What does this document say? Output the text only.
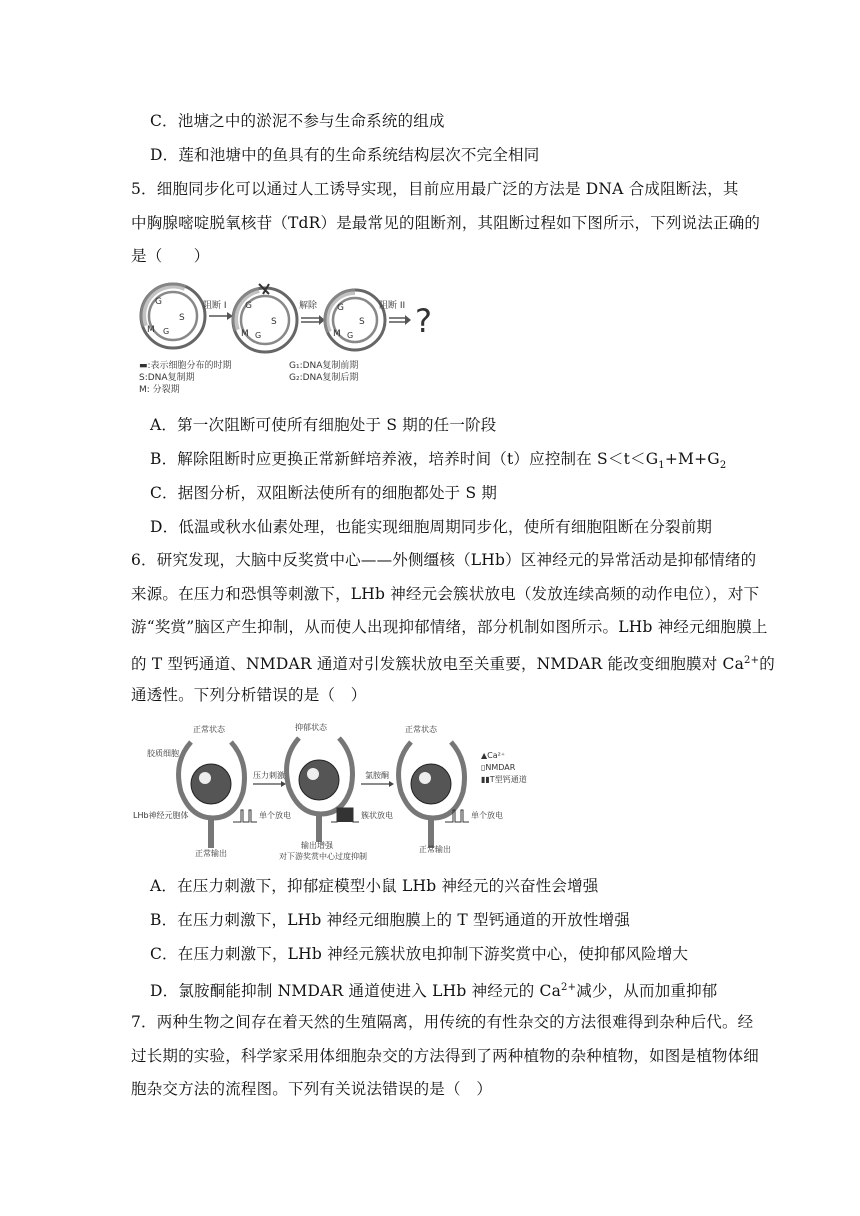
C．池塘之中的淤泥不参与生命系统的组成
D．莲和池塘中的鱼具有的生命系统结构层次不完全相同
5．细胞同步化可以通过人工诱导实现，目前应用最广泛的方法是 DNA 合成阻断法，其
中胸腺嘧啶脱氧核苷（TdR）是最常见的阻断剂，其阻断过程如下图所示，下列说法正确的
是（　　）
G
S
M G
阻断 I G
S
M G
解除 G
S
M G
阻断 II ?
▬:表示细胞分布的时期
S:DNA复制期
M: 分裂期
G₁:DNA复制前期
G₂:DNA复制后期
A．第一次阻断可使所有细胞处于 S 期的任一阶段
B．解除阻断时应更换正常新鲜培养液，培养时间（t）应控制在 $S<t<G_1+M+G_2$
C．据图分析，双阻断法使所有的细胞都处于 S 期
D．低温或秋水仙素处理，也能实现细胞周期同步化，使所有细胞阻断在分裂前期
6．研究发现，大脑中反奖赏中心——外侧缰核（LHb）区神经元的异常活动是抑郁情绪的
来源。在压力和恐惧等刺激下，LHb 神经元会簇状放电（发放连续高频的动作电位），对下
游“奖赏”脑区产生抑制，从而使人出现抑郁情绪，部分机制如图所示。LHb 神经元细胞膜上
的 T 型钙通道、NMDAR 通道对引发簇状放电至关重要，NMDAR 能改变细胞膜对 $Ca^{2+}$的
通透性。下列分析错误的是（　）
正常状态	抑郁状态	正常状态
胶质细胞
LHb神经元胞体
压力刺激	氯胺酮
单个放电	簇状放电	单个放电
正常输出
输出增强
对下游奖赏中心过度抑制
正常输出
▲Ca²⁺
▯NMDAR
▮▮T型钙通道
A．在压力刺激下，抑郁症模型小鼠 LHb 神经元的兴奋性会增强
B．在压力刺激下，LHb 神经元细胞膜上的 T 型钙通道的开放性增强
C．在压力刺激下，LHb 神经元簇状放电抑制下游奖赏中心，使抑郁风险增大
D．氯胺酮能抑制 NMDAR 通道使进入 LHb 神经元的 $Ca^{2+}$减少，从而加重抑郁
7．两种生物之间存在着天然的生殖隔离，用传统的有性杂交的方法很难得到杂种后代。经
过长期的实验，科学家采用体细胞杂交的方法得到了两种植物的杂种植物，如图是植物体细
胞杂交方法的流程图。下列有关说法错误的是（　）
